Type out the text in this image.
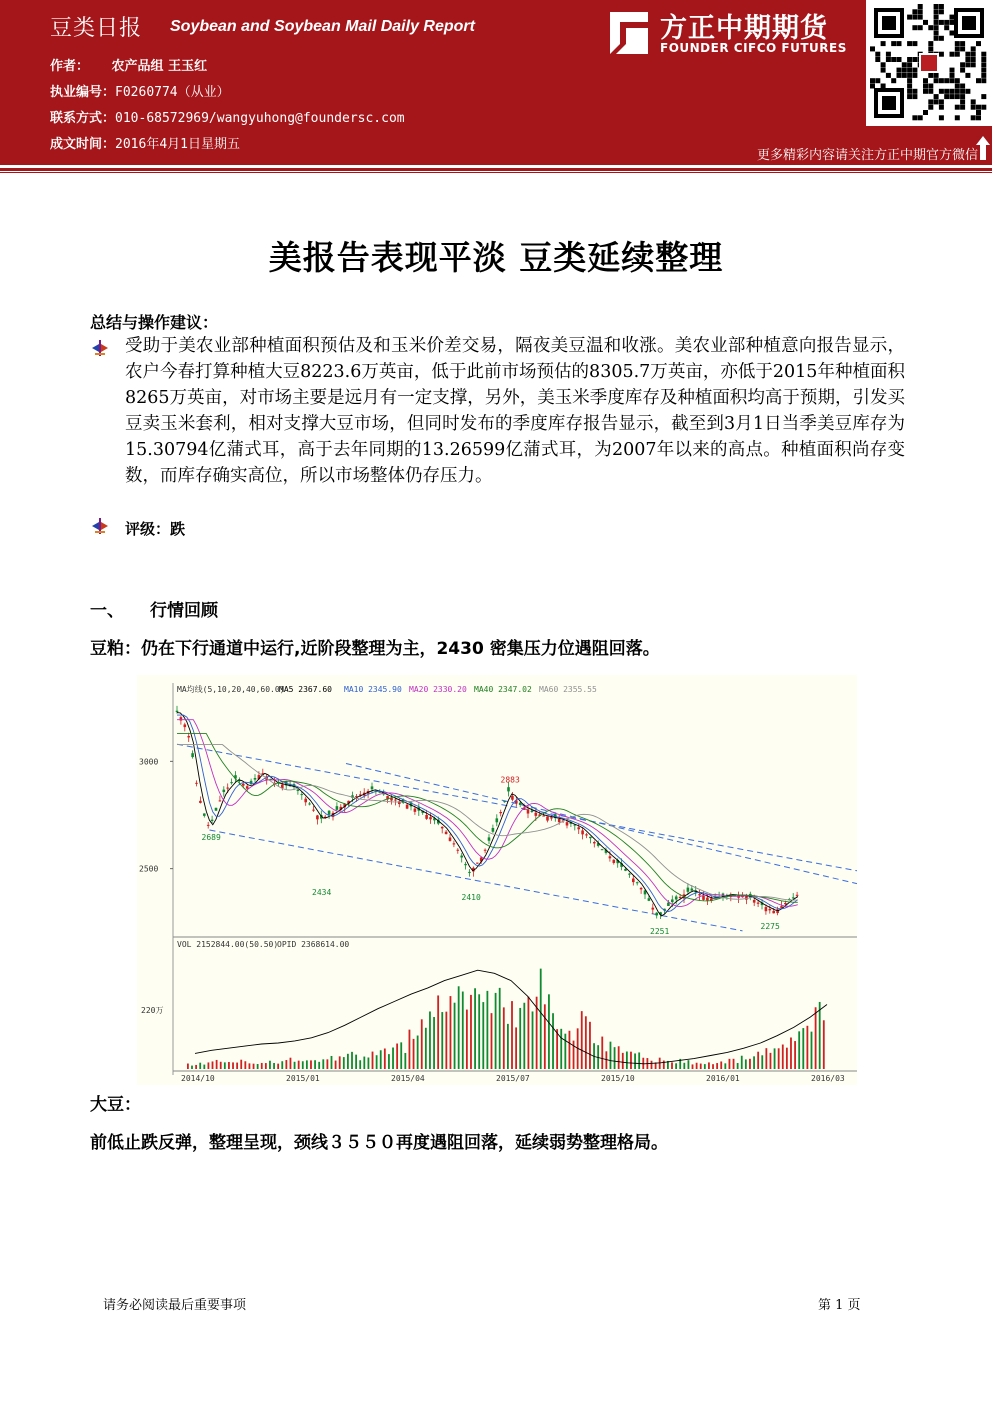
豆类日报 Soybean and Soybean Mail Daily Report
作者： 农产品组 王玉红
执业编号：F0260774（从业）
联系方式：010-68572969/wangyuhong@foundersc.com
成文时间：2016年4月1日星期五
方正中期期货
FOUNDER CIFCO FUTURES
更多精彩内容请关注方正中期官方微信
美报告表现平淡 豆类延续整理
总结与操作建议：
受助于美农业部种植面积预估及和玉米价差交易，隔夜美豆温和收涨。美农业部种植意向报告显示，农户今春打算种植大豆8223.6万英亩，低于此前市场预估的8305.7万英亩，亦低于2015年种植面积8265万英亩，对市场主要是远月有一定支撑，另外，美玉米季度库存及种植面积均高于预期，引发买豆卖玉米套利，相对支撑大豆市场，但同时发布的季度库存报告显示，截至到3月1日当季美豆库存为15.30794亿蒲式耳，高于去年同期的13.26599亿蒲式耳，为2007年以来的高点。种植面积尚存变数，而库存确实高位，所以市场整体仍存压力。
评级：跌
一、 行情回顾
豆粕：仍在下行通道中运行,近阶段整理为主，2430 密集压力位遇阻回落。
MA均线(5,10,20,40,60.0)
MA5 2367.60 MA10 2345.90 MA20 2330.20 MA40 2347.02 MA60 2355.55
3000
2500
2689
2434
2410
2883
2251
2275
VOL 2152844.00(50.50)
OPID 2368614.00
220万
2014/10	2015/01	2015/04	2015/07	2015/10	2016/01	2016/03
大豆：
前低止跌反弹，整理呈现，颈线３５５０再度遇阻回落，延续弱势整理格局。
请务必阅读最后重要事项	第 1 页
